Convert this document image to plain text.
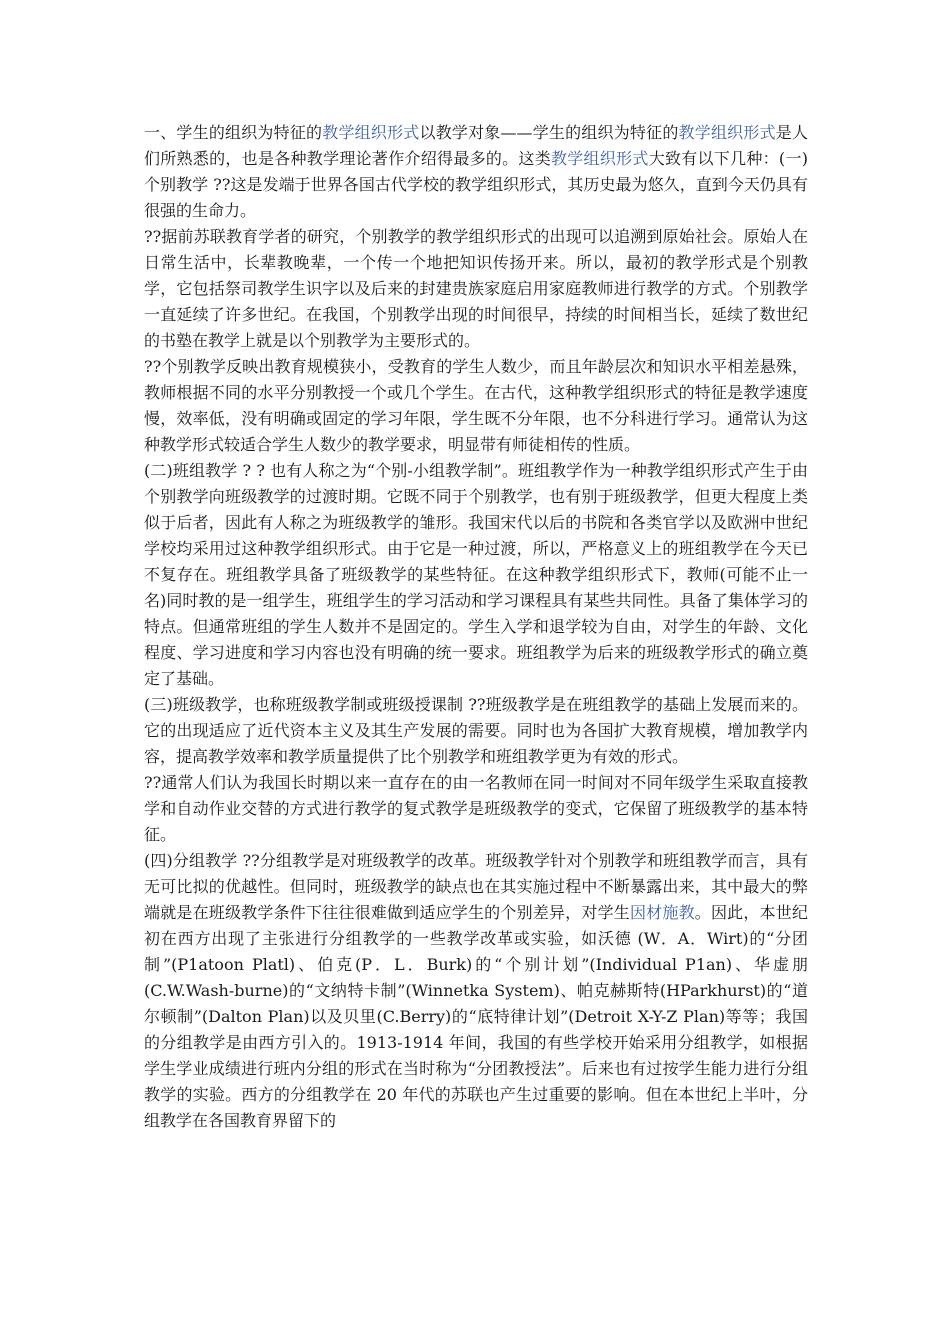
一、学生的组织为特征的教学组织形式以教学对象——学生的组织为特征的教学组织形式是人们所熟悉的，也是各种教学理论著作介绍得最多的。这类教学组织形式大致有以下几种：(一)个别教学 ??这是发端于世界各国古代学校的教学组织形式，其历史最为悠久，直到今天仍具有很强的生命力。

??据前苏联教育学者的研究，个别教学的教学组织形式的出现可以追溯到原始社会。原始人在日常生活中，长辈教晚辈，一个传一个地把知识传扬开来。所以，最初的教学形式是个别教学，它包括祭司教学生识字以及后来的封建贵族家庭启用家庭教师进行教学的方式。个别教学一直延续了许多世纪。在我国，个别教学出现的时间很早，持续的时间相当长，延续了数世纪的书塾在教学上就是以个别教学为主要形式的。

??个别教学反映出教育规模狭小，受教育的学生人数少，而且年龄层次和知识水平相差悬殊，教师根据不同的水平分别教授一个或几个学生。在古代，这种教学组织形式的特征是教学速度慢，效率低，没有明确或固定的学习年限，学生既不分年限，也不分科进行学习。通常认为这种教学形式较适合学生人数少的教学要求，明显带有师徒相传的性质。

(二)班组教学 ? ? 也有人称之为“个别-小组教学制”。班组教学作为一种教学组织形式产生于由个别教学向班级教学的过渡时期。它既不同于个别教学，也有别于班级教学，但更大程度上类似于后者，因此有人称之为班级教学的雏形。我国宋代以后的书院和各类官学以及欧洲中世纪学校均采用过这种教学组织形式。由于它是一种过渡，所以，严格意义上的班组教学在今天已不复存在。班组教学具备了班级教学的某些特征。在这种教学组织形式下，教师(可能不止一名)同时教的是一组学生，班组学生的学习活动和学习课程具有某些共同性。具备了集体学习的特点。但通常班组的学生人数并不是固定的。学生入学和退学较为自由，对学生的年龄、文化程度、学习进度和学习内容也没有明确的统一要求。班组教学为后来的班级教学形式的确立奠定了基础。

(三)班级教学，也称班级教学制或班级授课制 ??班级教学是在班组教学的基础上发展而来的。它的出现适应了近代资本主义及其生产发展的需要。同时也为各国扩大教育规模，增加教学内容，提高教学效率和教学质量提供了比个别教学和班组教学更为有效的形式。

??通常人们认为我国长时期以来一直存在的由一名教师在同一时间对不同年级学生采取直接教学和自动作业交替的方式进行教学的复式教学是班级教学的变式，它保留了班级教学的基本特征。

(四)分组教学 ??分组教学是对班级教学的改革。班级教学针对个别教学和班组教学而言，具有无可比拟的优越性。但同时，班级教学的缺点也在其实施过程中不断暴露出来，其中最大的弊端就是在班级教学条件下往往很难做到适应学生的个别差异，对学生因材施教。因此，本世纪初在西方出现了主张进行分组教学的一些教学改革或实验，如沃德 (W．A．Wirt)的“分团制”(P1atoon Platl)、伯克(P．L．Burk)的“个别计划”(Individual P1an)、华虚朋(C.W.Wash-burne)的“文纳特卡制”(Winnetka System)、帕克赫斯特(HParkhurst)的“道尔顿制”(Dalton Plan)以及贝里(C.Berry)的“底特律计划”(Detroit X-Y-Z Plan)等等；我国的分组教学是由西方引入的。1913-1914 年间，我国的有些学校开始采用分组教学，如根据学生学业成绩进行班内分组的形式在当时称为“分团教授法”。后来也有过按学生能力进行分组教学的实验。西方的分组教学在 20 年代的苏联也产生过重要的影响。但在本世纪上半叶，分组教学在各国教育界留下的
